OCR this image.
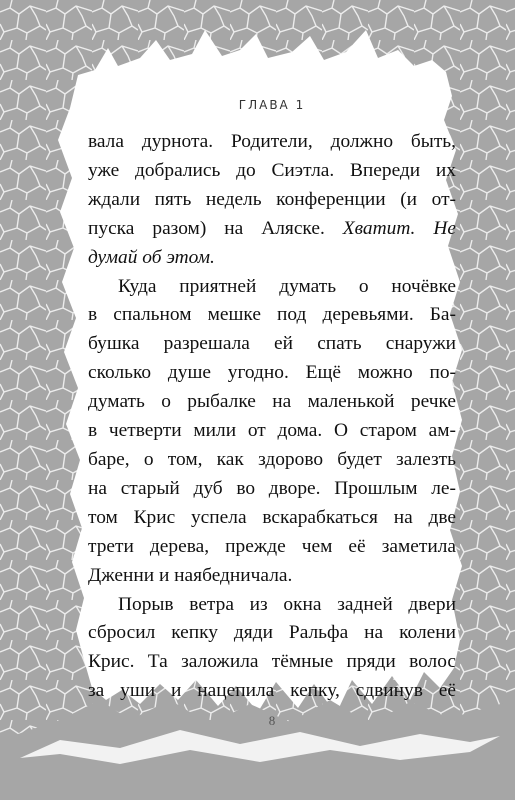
ГЛАВА 1
вала дурнота. Родители, должно быть,
уже добрались до Сиэтла. Впереди их
ждали пять недель конференции (и от-
пуска разом) на Аляске. Хватит. Не
думай об этом.
Куда приятней думать о ночёвке
в спальном мешке под деревьями. Ба-
бушка разрешала ей спать снаружи
сколько душе угодно. Ещё можно по-
думать о рыбалке на маленькой речке
в четверти мили от дома. О старом ам-
баре, о том, как здорово будет залезть
на старый дуб во дворе. Прошлым ле-
том Крис успела вскарабкаться на две
трети дерева, прежде чем её заметила
Дженни и наябедничала.
Порыв ветра из окна задней двери
сбросил кепку дяди Ральфа на колени
Крис. Та заложила тёмные пряди волос
за уши и нацепила кепку, сдвинув её
8
